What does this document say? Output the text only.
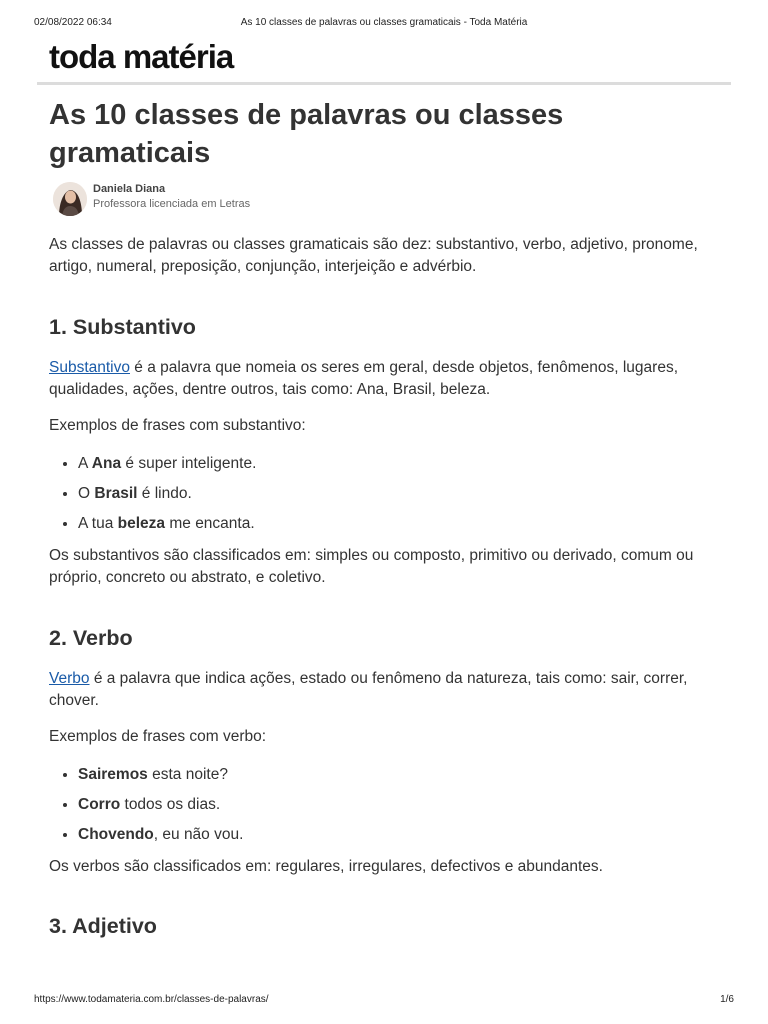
02/08/2022 06:34	As 10 classes de palavras ou classes gramaticais - Toda Matéria
toda matéria
As 10 classes de palavras ou classes gramaticais
Daniela Diana
Professora licenciada em Letras

As classes de palavras ou classes gramaticais são dez: substantivo, verbo, adjetivo, pronome, artigo, numeral, preposição, conjunção, interjeição e advérbio.

1. Substantivo

Substantivo é a palavra que nomeia os seres em geral, desde objetos, fenômenos, lugares, qualidades, ações, dentre outros, tais como: Ana, Brasil, beleza.

Exemplos de frases com substantivo:

• A Ana é super inteligente.
• O Brasil é lindo.
• A tua beleza me encanta.

Os substantivos são classificados em: simples ou composto, primitivo ou derivado, comum ou próprio, concreto ou abstrato, e coletivo.

2. Verbo

Verbo é a palavra que indica ações, estado ou fenômeno da natureza, tais como: sair, correr, chover.

Exemplos de frases com verbo:

• Sairemos esta noite?
• Corro todos os dias.
• Chovendo, eu não vou.

Os verbos são classificados em: regulares, irregulares, defectivos e abundantes.

3. Adjetivo
https://www.todamateria.com.br/classes-de-palavras/	1/6
